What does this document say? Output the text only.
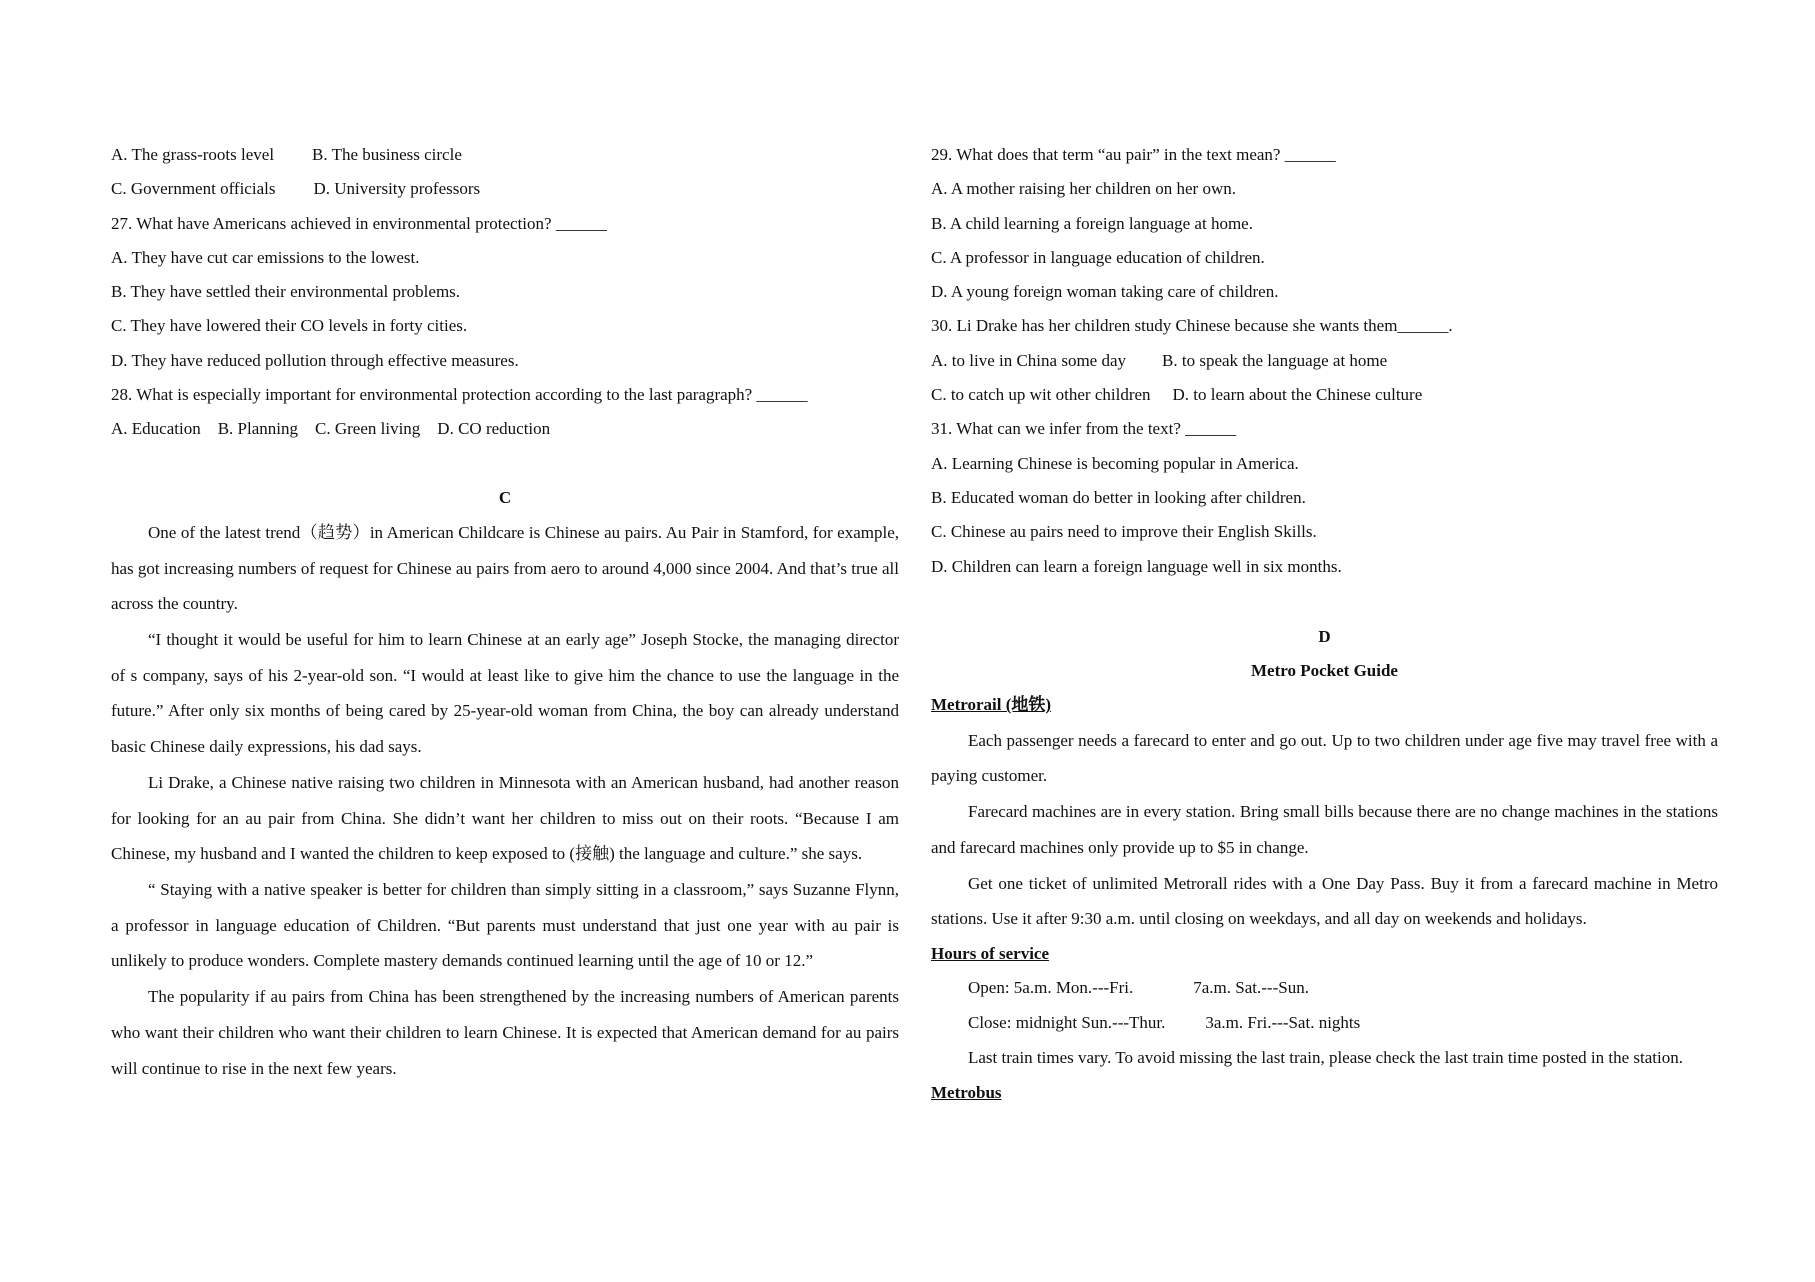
A. The grass-roots level B. The business circle
C. Government officials D. University professors
27. What have Americans achieved in environmental protection? ______
A. They have cut car emissions to the lowest.
B. They have settled their environmental problems.
C. They have lowered their CO levels in forty cities.
D. They have reduced pollution through effective measures.
28. What is especially important for environmental protection according to the last paragraph? ______
A. Education B. Planning C. Green living D. CO reduction
C

One of the latest trend（趋势）in American Childcare is Chinese au pairs. Au Pair in Stamford, for example, has got increasing numbers of request for Chinese au pairs from aero to around 4,000 since 2004. And that’s true all across the country.

“I thought it would be useful for him to learn Chinese at an early age” Joseph Stocke, the managing director of s company, says of his 2-year-old son. “I would at least like to give him the chance to use the language in the future.” After only six months of being cared by 25-year-old woman from China, the boy can already understand basic Chinese daily expressions, his dad says.

Li Drake, a Chinese native raising two children in Minnesota with an American husband, had another reason for looking for an au pair from China. She didn’t want her children to miss out on their roots. “Because I am Chinese, my husband and I wanted the children to keep exposed to (接触) the language and culture.” she says.

“ Staying with a native speaker is better for children than simply sitting in a classroom,” says Suzanne Flynn, a professor in language education of Children. “But parents must understand that just one year with au pair is unlikely to produce wonders. Complete mastery demands continued learning until the age of 10 or 12.”

The popularity if au pairs from China has been strengthened by the increasing numbers of American parents who want their children who want their children to learn Chinese. It is expected that American demand for au pairs will continue to rise in the next few years.

29. What does that term “au pair” in the text mean? ______
A. A mother raising her children on her own.
B. A child learning a foreign language at home.
C. A professor in language education of children.
D. A young foreign woman taking care of children.
30. Li Drake has her children study Chinese because she wants them______.
A. to live in China some day B. to speak the language at home
C. to catch up wit other children D. to learn about the Chinese culture
31. What can we infer from the text? ______
A. Learning Chinese is becoming popular in America.
B. Educated woman do better in looking after children.
C. Chinese au pairs need to improve their English Skills.
D. Children can learn a foreign language well in six months.
D
Metro Pocket Guide
Metrorail (地铁)

Each passenger needs a farecard to enter and go out. Up to two children under age five may travel free with a paying customer.

Farecard machines are in every station. Bring small bills because there are no change machines in the stations and farecard machines only provide up to $5 in change.

Get one ticket of unlimited Metrorall rides with a One Day Pass. Buy it from a farecard machine in Metro stations. Use it after 9:30 a.m. until closing on weekdays, and all day on weekends and holidays.

Hours of service
Open: 5a.m. Mon.---Fri.	7a.m. Sat.---Sun.
Close: midnight Sun.---Thur. 3a.m. Fri.---Sat. nights

Last train times vary. To avoid missing the last train, please check the last train time posted in the station.

Metrobus
